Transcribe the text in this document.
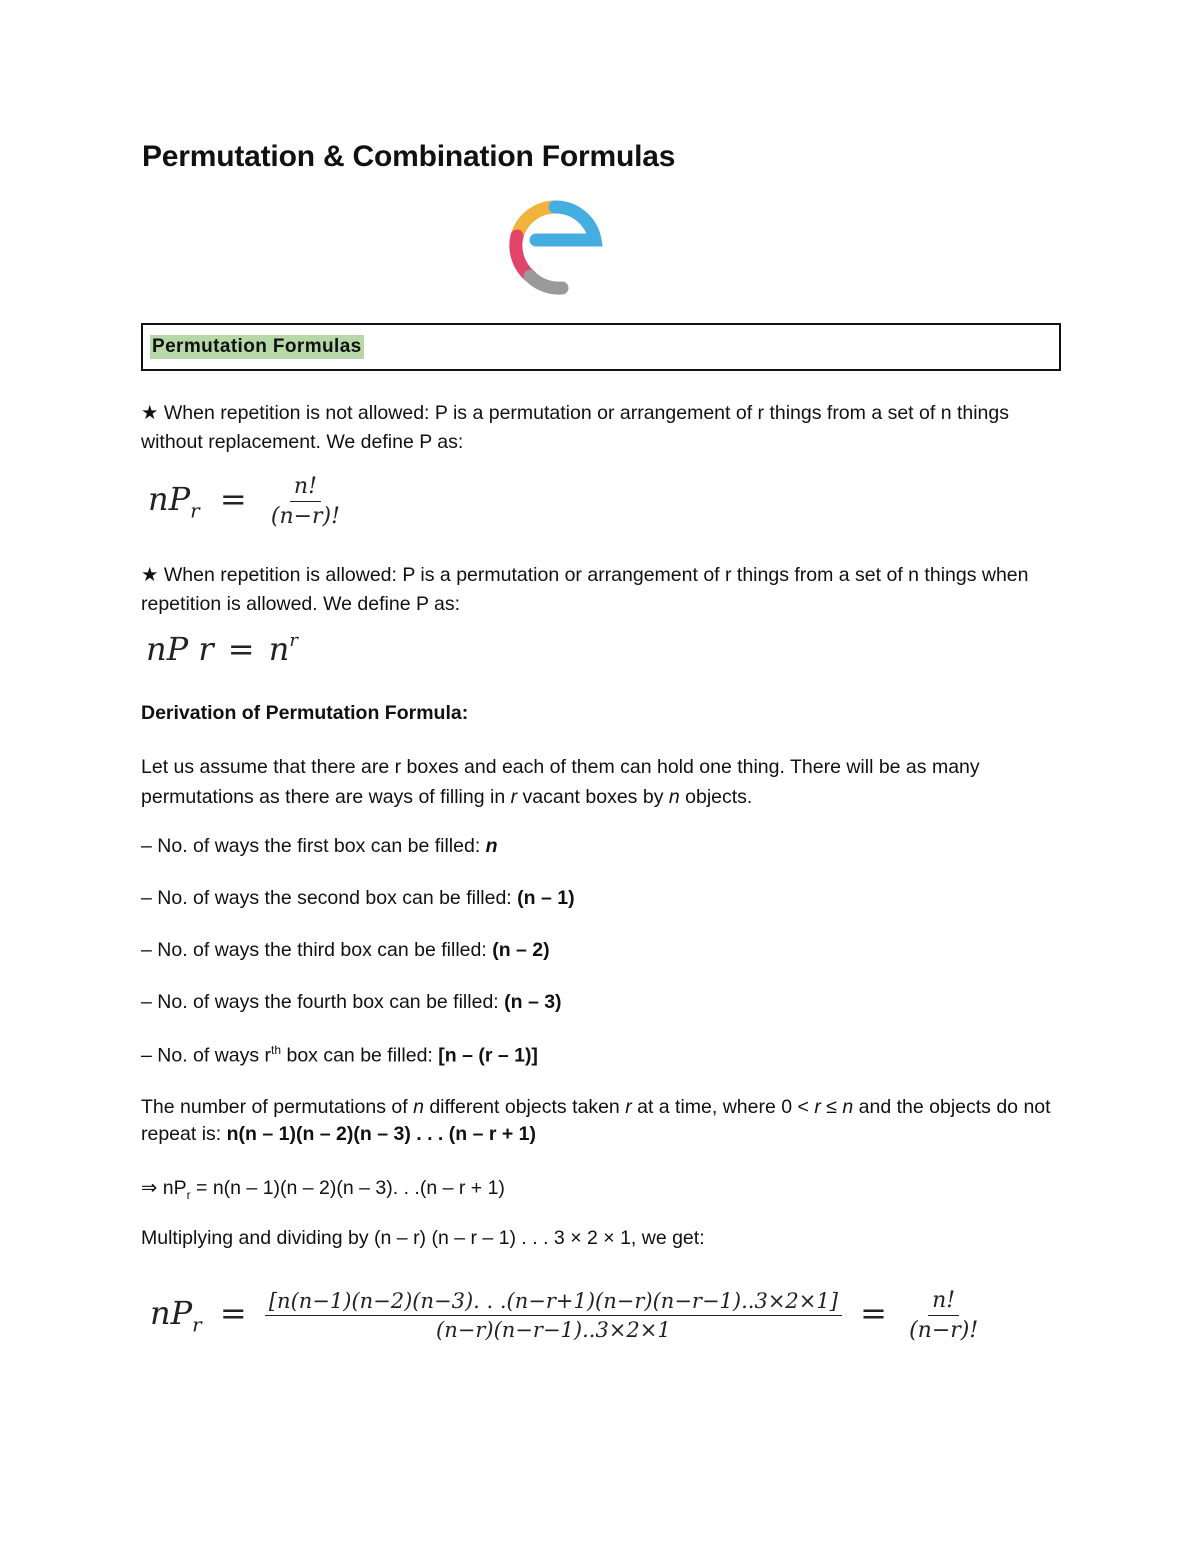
Permutation & Combination Formulas
Permutation Formulas
★ When repetition is not allowed: P is a permutation or arrangement of r things from a set of n things without replacement. We define P as:
$nP_r = \frac{n!}{(n-r)!}$
★ When repetition is allowed: P is a permutation or arrangement of r things from a set of n things when repetition is allowed. We define P as:
nP $r = n^r$
Derivation of Permutation Formula:
Let us assume that there are r boxes and each of them can hold one thing. There will be as many permutations as there are ways of filling in r vacant boxes by n objects.
– No. of ways the first box can be filled: n
– No. of ways the second box can be filled: (n – 1)
– No. of ways the third box can be filled: (n – 2)
– No. of ways the fourth box can be filled: (n – 3)
– No. of ways $r^{th}$ box can be filled: [n – (r – 1)]
The number of permutations of n different objects taken r at a time, where 0 < r ≤ n and the objects do not repeat is: n(n – 1)(n – 2)(n – 3) . . . (n – r + 1)
⇒ $nP_r = n(n - 1)(n - 2)(n - 3)$. . .(n – r + 1)
Multiplying and dividing by (n – r) (n – r – 1) . . . 3 × 2 × 1, we get:
$nP_r = \frac{[n(n-1)(n-2)(n-3). . .(n-r+1)(n-r)(n-r-1)..3\times 2\times 1]}{(n-r)(n-r-1)..3\times 2\times 1} = \frac{n!}{(n-r)!}$
